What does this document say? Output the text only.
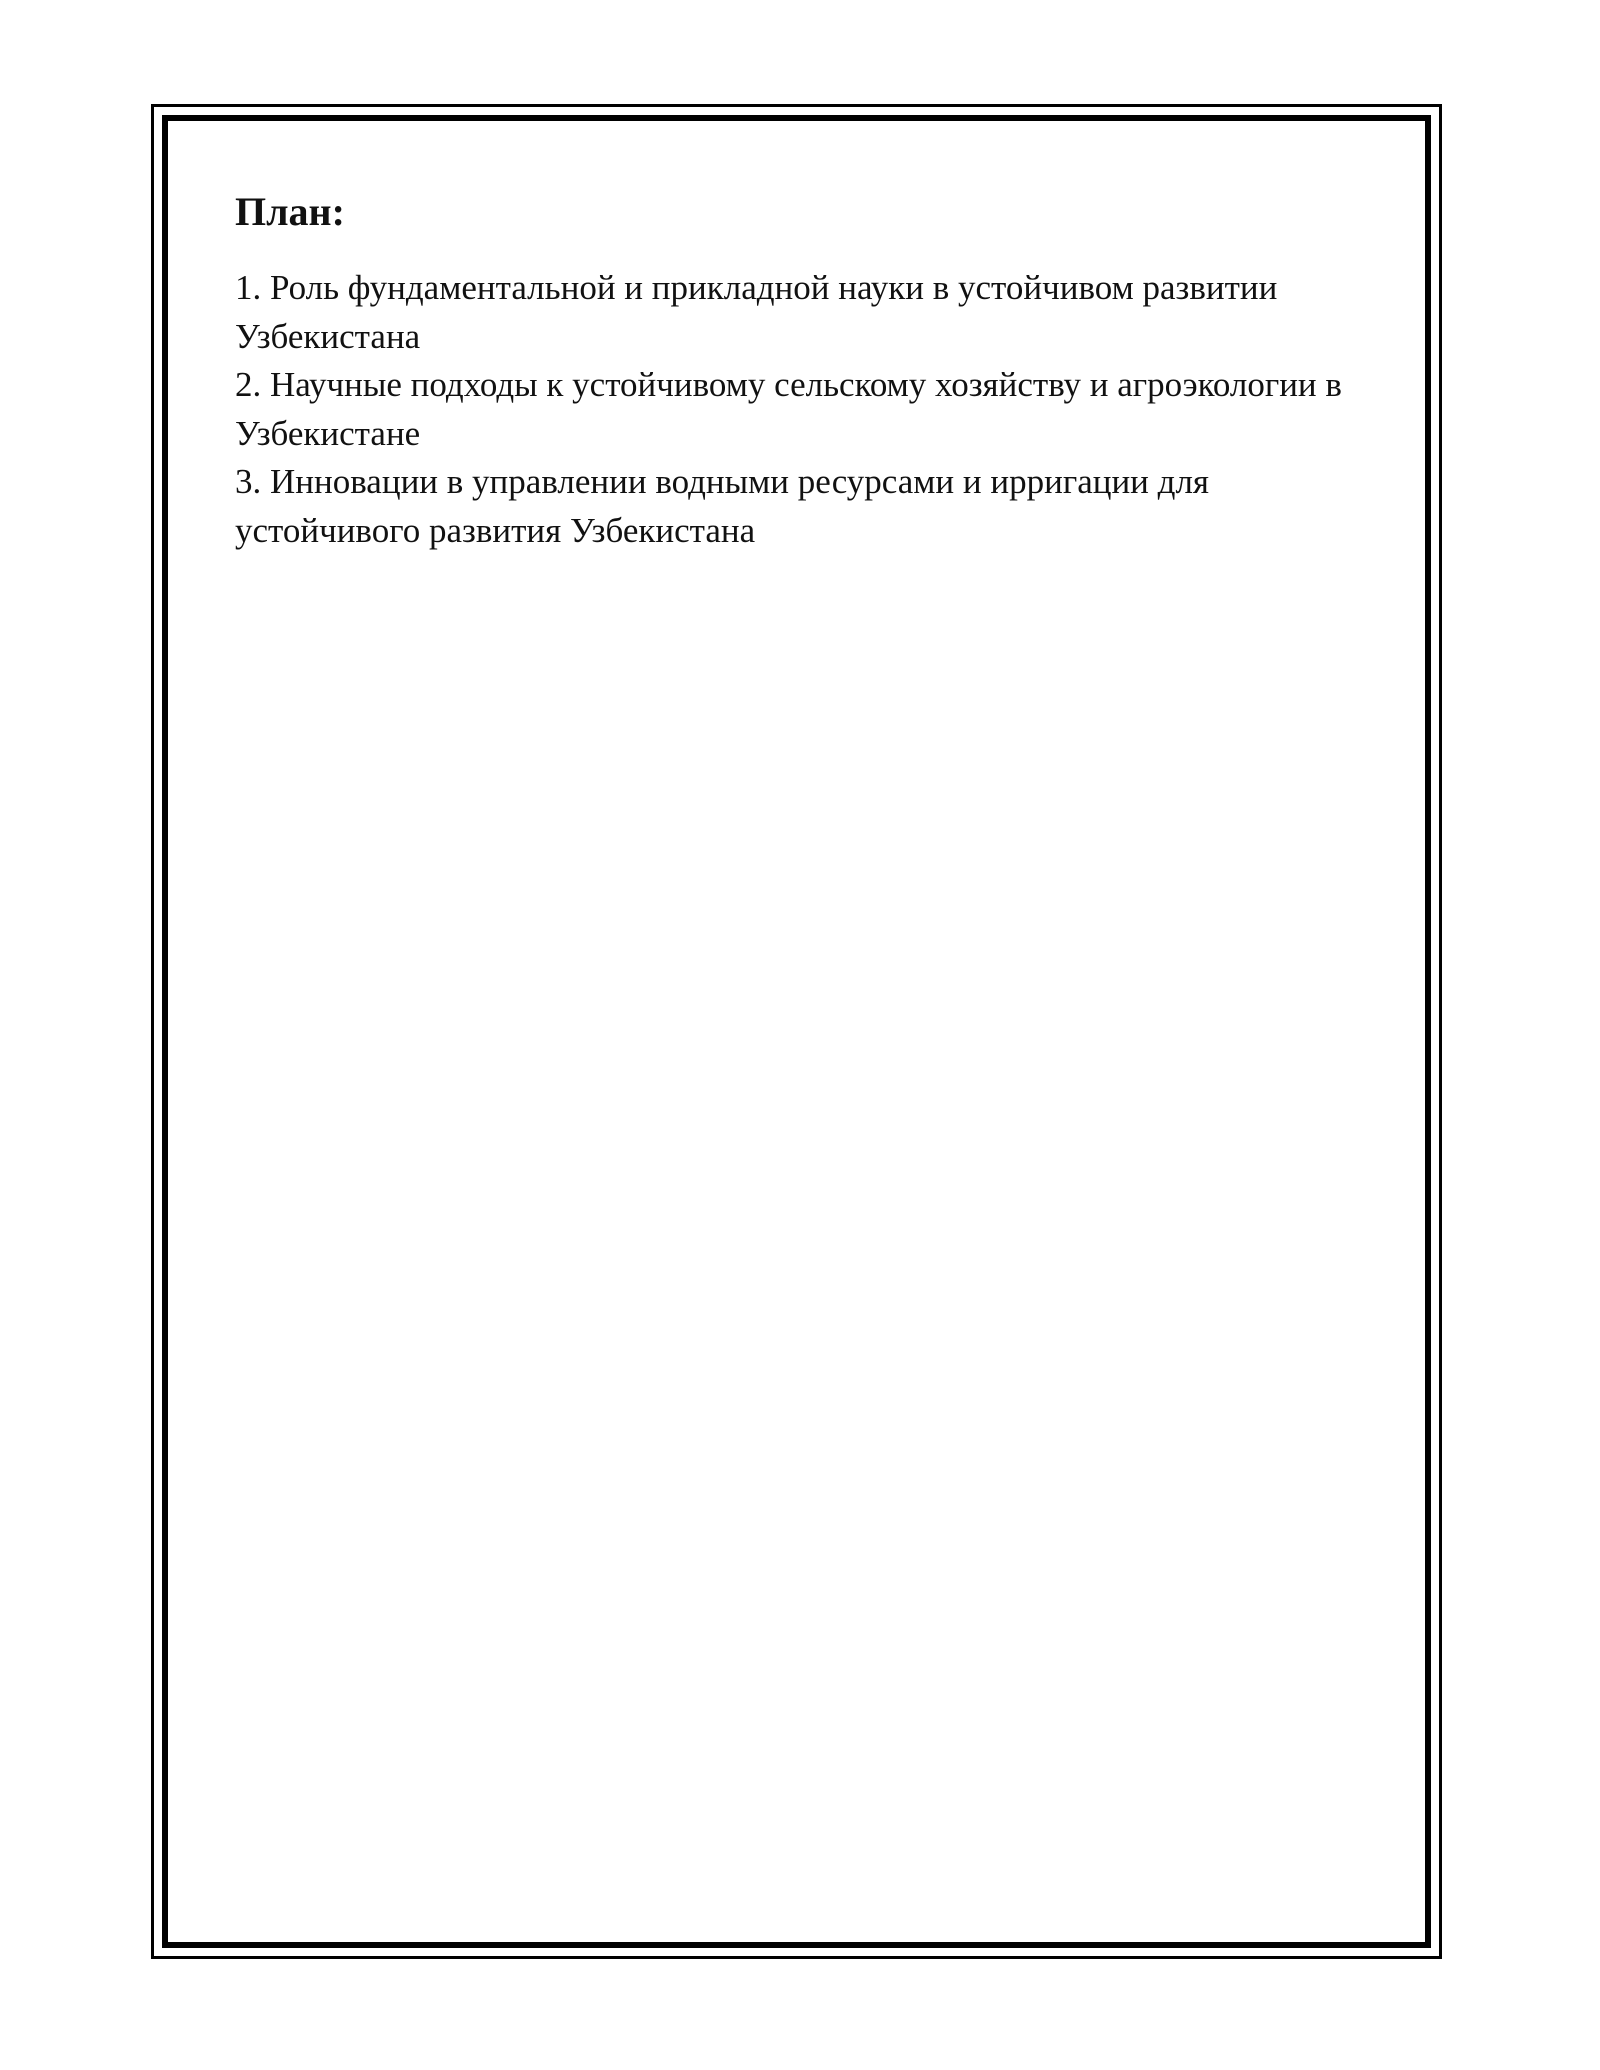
План:
1. Роль фундаментальной и прикладной науки в устойчивом развитии Узбекистана
2. Научные подходы к устойчивому сельскому хозяйству и агроэкологии в Узбекистане
3. Инновации в управлении водными ресурсами и ирригации для устойчивого развития Узбекистана
